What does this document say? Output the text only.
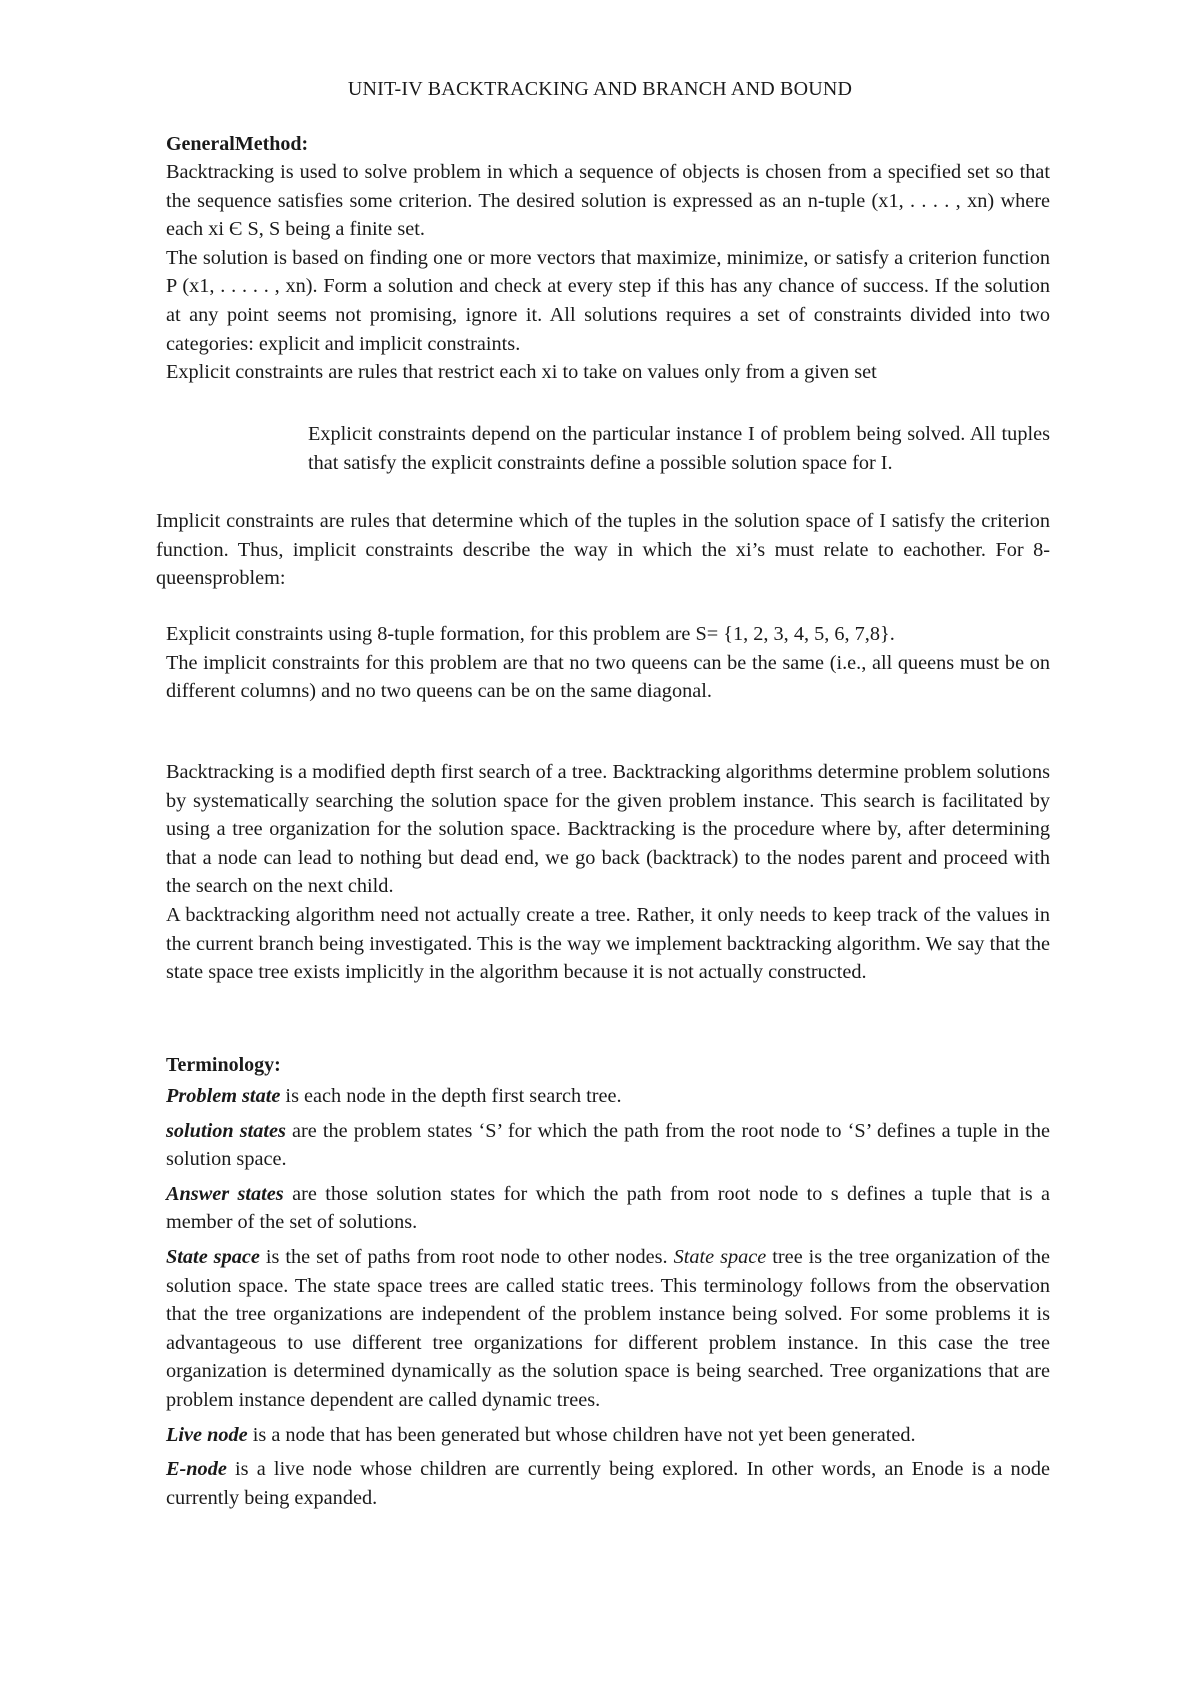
UNIT-IV BACKTRACKING AND BRANCH AND BOUND
GeneralMethod:

Backtracking is used to solve problem in which a sequence of objects is chosen from a specified set so that the sequence satisfies some criterion. The desired solution is expressed as an n-tuple (x1, . . . . , xn) where each xi Є S, S being a finite set.

The solution is based on finding one or more vectors that maximize, minimize, or satisfy a criterion function P (x1, . . . . . , xn). Form a solution and check at every step if this has any chance of success. If the solution at any point seems not promising, ignore it. All solutions requires a set of constraints divided into two categories: explicit and implicit constraints.

Explicit constraints are rules that restrict each xi to take on values only from a given set

Explicit constraints depend on the particular instance I of problem being solved. All tuples that satisfy the explicit constraints define a possible solution space for I.
Implicit constraints are rules that determine which of the tuples in the solution space of I satisfy the criterion function. Thus, implicit constraints describe the way in which the xi’s must relate to eachother. For 8-queensproblem:

Explicit constraints using 8-tuple formation, for this problem are S= {1, 2, 3, 4, 5, 6, 7,8}.

The implicit constraints for this problem are that no two queens can be the same (i.e., all queens must be on different columns) and no two queens can be on the same diagonal.

Backtracking is a modified depth first search of a tree. Backtracking algorithms determine problem solutions by systematically searching the solution space for the given problem instance. This search is facilitated by using a tree organization for the solution space. Backtracking is the procedure where by, after determining that a node can lead to nothing but dead end, we go back (backtrack) to the nodes parent and proceed with the search on the next child.

A backtracking algorithm need not actually create a tree. Rather, it only needs to keep track of the values in the current branch being investigated. This is the way we implement backtracking algorithm. We say that the state space tree exists implicitly in the algorithm because it is not actually constructed.

Terminology:

Problem state is each node in the depth first search tree.

solution states are the problem states ‘S’ for which the path from the root node to ‘S’ defines a tuple in the solution space.

Answer states are those solution states for which the path from root node to s defines a tuple that is a member of the set of solutions.

State space is the set of paths from root node to other nodes. State space tree is the tree organization of the solution space. The state space trees are called static trees. This terminology follows from the observation that the tree organizations are independent of the problem instance being solved. For some problems it is advantageous to use different tree organizations for different problem instance. In this case the tree organization is determined dynamically as the solution space is being searched. Tree organizations that are problem instance dependent are called dynamic trees.

Live node is a node that has been generated but whose children have not yet been generated.

E-node is a live node whose children are currently being explored. In other words, an Enode is a node currently being expanded.
